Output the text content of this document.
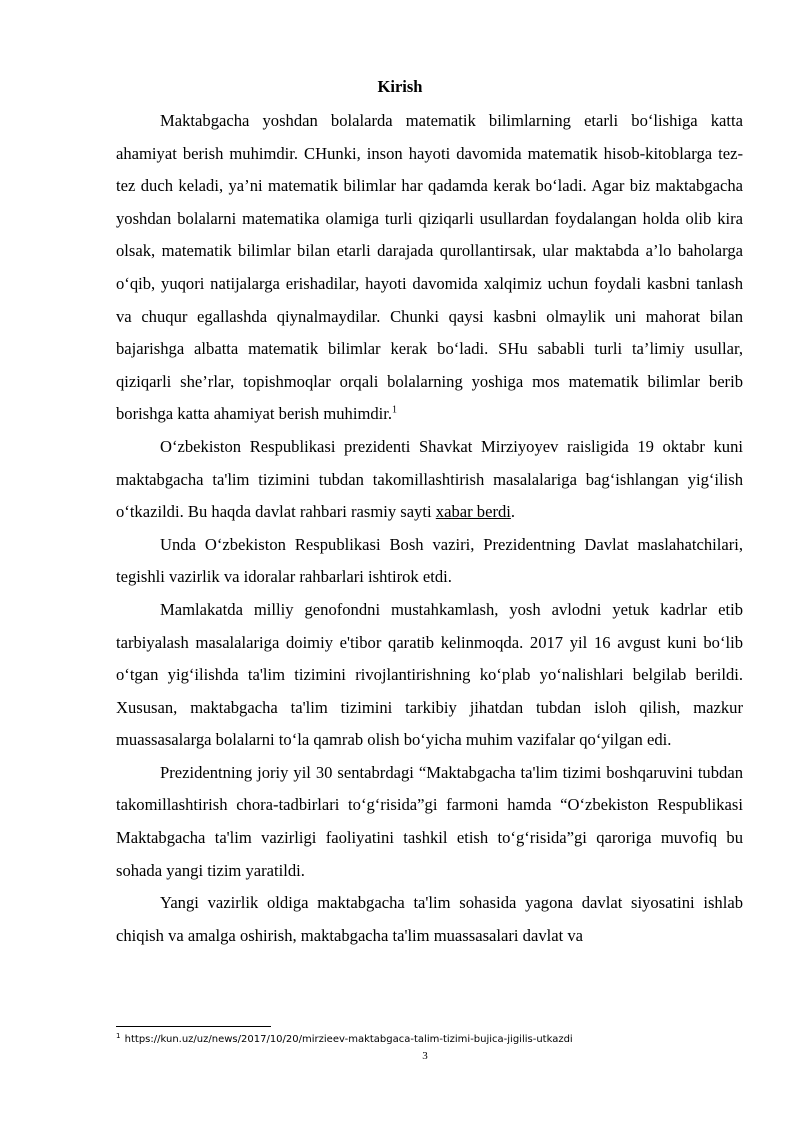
Kirish

Maktabgacha yoshdan bolalarda matematik bilimlarning etarli bo‘lishiga katta ahamiyat berish muhimdir. CHunki, inson hayoti davomida matematik hisob-kitoblarga tez- tez duch keladi, ya’ni matematik bilimlar har qadamda kerak bo‘ladi. Agar biz maktabgacha yoshdan bolalarni matematika olamiga turli qiziqarli usullardan foydalangan holda olib kira olsak, matematik bilimlar bilan etarli darajada qurollantirsak, ular maktabda a’lo baholarga o‘qib, yuqori natijalarga erishadilar, hayoti davomida xalqimiz uchun foydali kasbni tanlash va chuqur egallashda qiynalmaydilar. Chunki qaysi kasbni olmaylik uni mahorat bilan bajarishga albatta matematik bilimlar kerak bo‘ladi. SHu sababli turli ta’limiy usullar, qiziqarli she’rlar, topishmoqlar orqali bolalarning yoshiga mos matematik bilimlar berib borishga katta ahamiyat berish muhimdir.$^1$

O‘zbekiston Respublikasi prezidenti Shavkat Mirziyoyev raisligida 19 oktabr kuni maktabgacha ta'lim tizimini tubdan takomillashtirish masalalariga bag‘ishlangan yig‘ilish o‘tkazildi. Bu haqda davlat rahbari rasmiy sayti xabar berdi.

Unda O‘zbekiston Respublikasi Bosh vaziri, Prezidentning Davlat maslahatchilari, tegishli vazirlik va idoralar rahbarlari ishtirok etdi.

Mamlakatda milliy genofondni mustahkamlash, yosh avlodni yetuk kadrlar etib tarbiyalash masalalariga doimiy e'tibor qaratib kelinmoqda. 2017 yil 16 avgust kuni bo‘lib o‘tgan yig‘ilishda ta'lim tizimini rivojlantirishning ko‘plab yo‘nalishlari belgilab berildi. Xususan, maktabgacha ta'lim tizimini tarkibiy jihatdan tubdan isloh qilish, mazkur muassasalarga bolalarni to‘la qamrab olish bo‘yicha muhim vazifalar qo‘yilgan edi.

Prezidentning joriy yil 30 sentabrdagi “Maktabgacha ta'lim tizimi boshqaruvini tubdan takomillashtirish chora-tadbirlari to‘g‘risida”gi farmoni hamda “O‘zbekiston Respublikasi Maktabgacha ta'lim vazirligi faoliyatini tashkil etish to‘g‘risida”gi qaroriga muvofiq bu sohada yangi tizim yaratildi.

Yangi vazirlik oldiga maktabgacha ta'lim sohasida yagona davlat siyosatini ishlab chiqish va amalga oshirish, maktabgacha ta'lim muassasalari davlat va

$^1$ https://kun.uz/uz/news/2017/10/20/mirzieev-maktabgaca-talim-tizimi-bujica-jigilis-utkazdi
3
